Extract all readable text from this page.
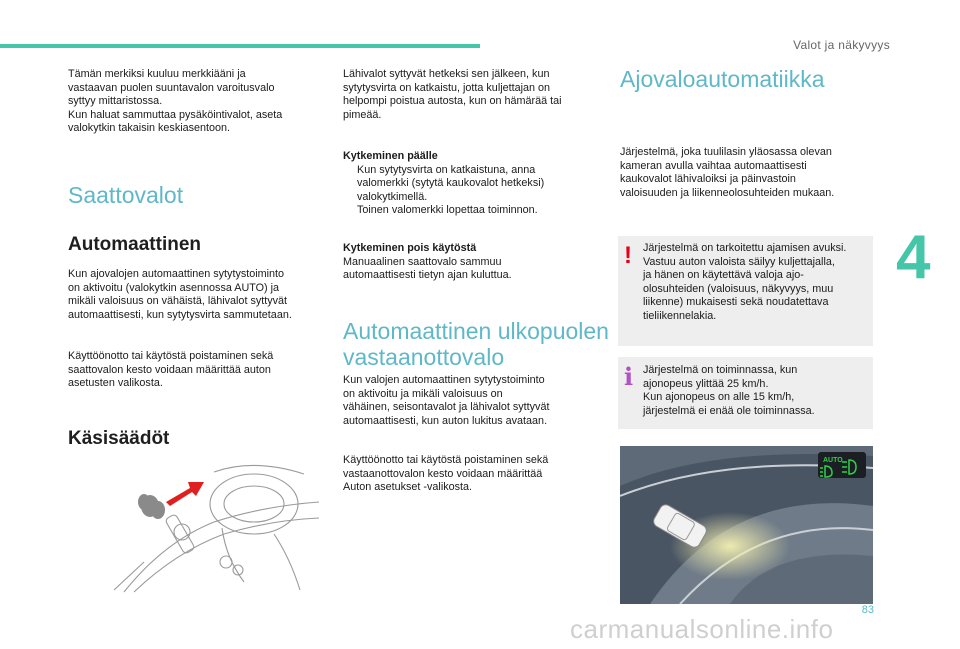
Valot ja näkyvyys
Tämän merkiksi kuuluu merkkiääni ja
vastaavan puolen suuntavalon varoitusvalo
syttyy mittaristossa.
Kun haluat sammuttaa pysäköintivalot, aseta
valokytkin takaisin keskiasentoon.
Saattovalot
Automaattinen
Kun ajovalojen automaattinen sytytystoiminto
on aktivoitu (valokytkin asennossa AUTO) ja
mikäli valoisuus on vähäistä, lähivalot syttyvät
automaattisesti, kun sytytysvirta sammutetaan.
Käyttöönotto tai käytöstä poistaminen sekä
saattovalon kesto voidaan määrittää auton
asetusten valikosta.
Käsisäädöt
Lähivalot syttyvät hetkeksi sen jälkeen, kun
sytytysvirta on katkaistu, jotta kuljettajan on
helpompi poistua autosta, kun on hämärää tai
pimeää.
Kytkeminen päälle
Kun sytytysvirta on katkaistuna, anna
valomerkki (sytytä kaukovalot hetkeksi)
valokytkimellä.
Toinen valomerkki lopettaa toiminnon.
Kytkeminen pois käytöstä
Manuaalinen saattovalo sammuu
automaattisesti tietyn ajan kuluttua.
Automaattinen ulkopuolen
vastaanottovalo
Kun valojen automaattinen sytytystoiminto
on aktivoitu ja mikäli valoisuus on
vähäinen, seisontavalot ja lähivalot syttyvät
automaattisesti, kun auton lukitus avataan.
Käyttöönotto tai käytöstä poistaminen sekä
vastaanottovalon kesto voidaan määrittää
Auton asetukset -valikosta.
Ajovaloautomatiikka
Järjestelmä, joka tuulilasin yläosassa olevan
kameran avulla vaihtaa automaattisesti
kaukovalot lähivaloiksi ja päinvastoin
valoisuuden ja liikenneolosuhteiden mukaan.
! Järjestelmä on tarkoitettu ajamisen avuksi.
Vastuu auton valoista säilyy kuljettajalla,
ja hänen on käytettävä valoja ajo-
olosuhteiden (valoisuus, näkyvyys, muu
liikenne) mukaisesti sekä noudatettava
tieliikennelakia.
i Järjestelmä on toiminnassa, kun
ajonopeus ylittää 25 km/h.
Kun ajonopeus on alle 15 km/h,
järjestelmä ei enää ole toiminnassa.
AUTO
4
83
carmanualsonline.info
